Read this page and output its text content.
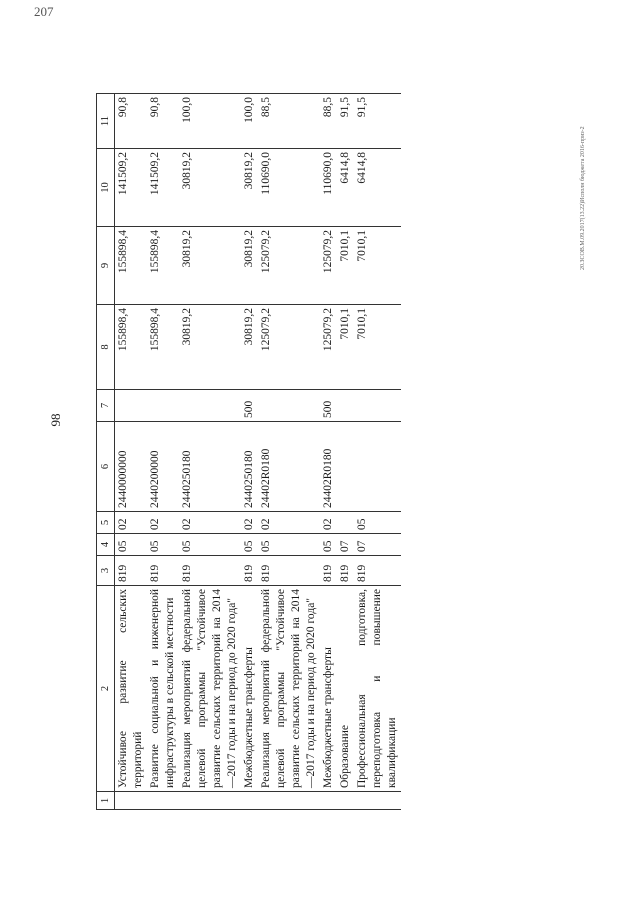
207
98
1	2	3	4	5	6	7	8	9	10	11
	Устойчивое развитие сельских территорий	819	05	02	2440000000		155898,4	155898,4	141509,2	90,8
	Развитие социальной и инженерной инфраструктуры в сельской местности	819	05	02	2440200000		155898,4	155898,4	141509,2	90,8
	Реализация мероприятий федеральной целевой программы "Устойчивое развитие сельских территорий на 2014—2017 годы и на период до 2020 года"	819	05	02	2440250180		30819,2	30819,2	30819,2	100,0
	Межбюджетные трансферты	819	05	02	2440250180	500	30819,2	30819,2	30819,2	100,0
	Реализация мероприятий федеральной целевой программы "Устойчивое развитие сельских территорий на 2014—2017 годы и на период до 2020 года"	819	05	02	24402R0180		125079,2	125079,2	110690,0	88,5
	Межбюджетные трансферты	819	05	02	24402R0180	500	125079,2	125079,2	110690,0	88,5
	Образование	819	07				7010,1	7010,1	6414,8	91,5
	Профессиональная подготовка, переподготовка и повышение квалификации	819	07	05			7010,1	7010,1	6414,8	91,5
20.ЗСОВ.М.09.2017(13.22)Исполн бюджета 2016-приз-2
